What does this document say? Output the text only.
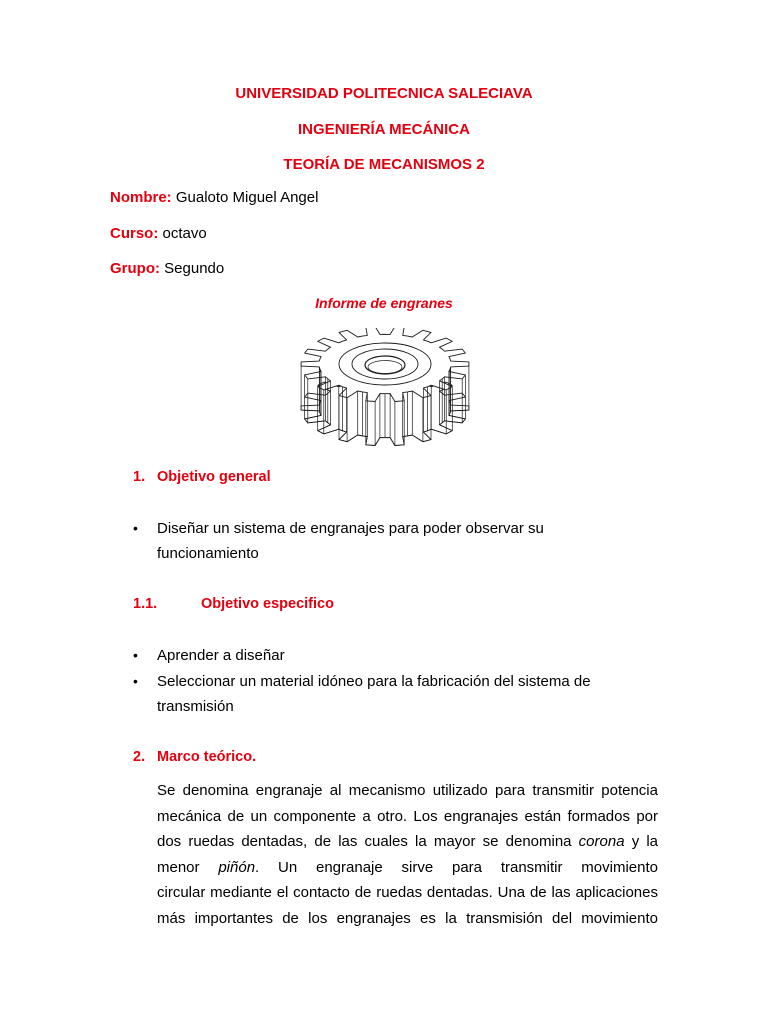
UNIVERSIDAD POLITECNICA SALECIAVA
INGENIERÍA MECÁNICA
TEORÍA DE MECANISMOS 2
Nombre: Gualoto Miguel Angel
Curso: octavo
Grupo: Segundo
Informe de engranes
1. Objetivo general
• Diseñar un sistema de engranajes para poder observar su
funcionamiento
1.1.	Objetivo especifico
• Aprender a diseñar
• Seleccionar un material idóneo para la fabricación del sistema de
transmisión
2. Marco teórico.
Se denomina engranaje al mecanismo utilizado para transmitir potencia
mecánica de un componente a otro. Los engranajes están formados por
dos ruedas dentadas, de las cuales la mayor se denomina corona y la
menor piñón. Un engranaje sirve para transmitir movimiento
circular mediante el contacto de ruedas dentadas. Una de las aplicaciones
más importantes de los engranajes es la transmisión del movimiento
